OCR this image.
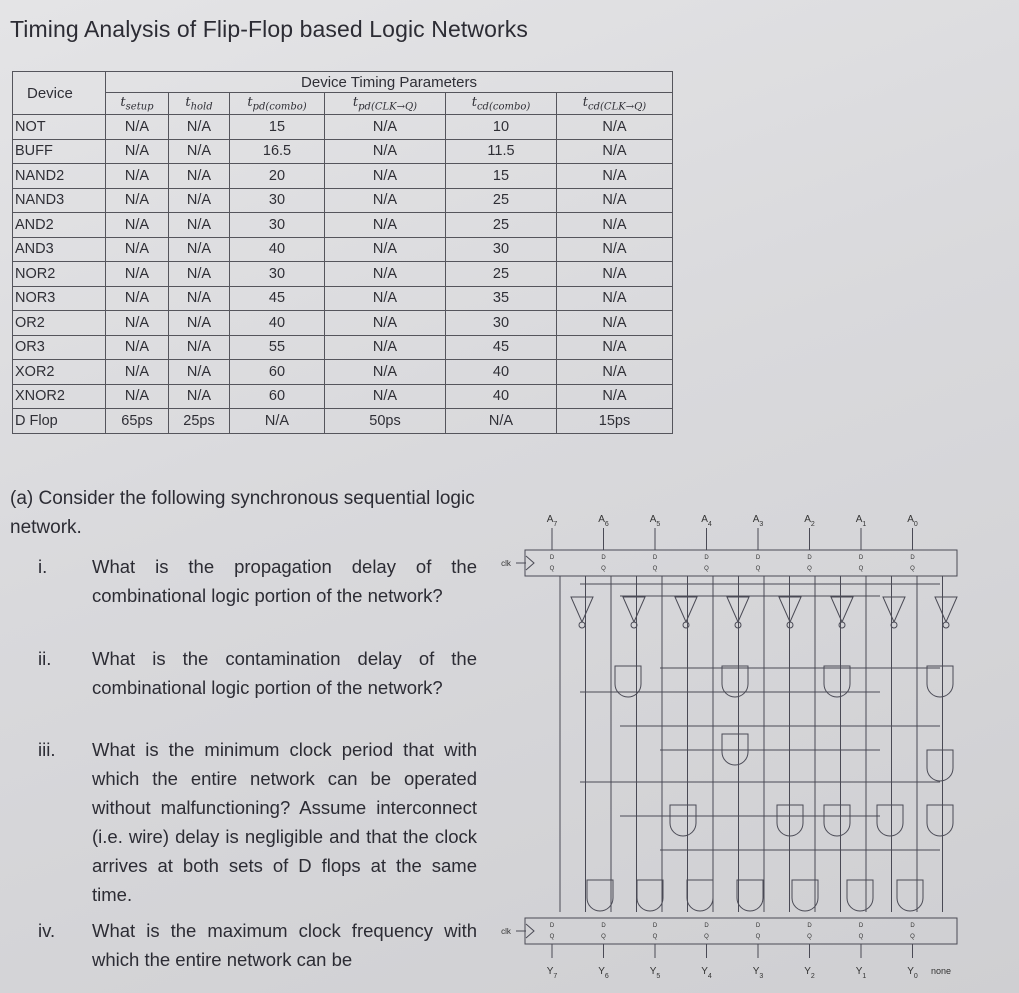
Timing Analysis of Flip-Flop based Logic Networks
Device	Device Timing Parameters					
	$t_{setup}$	$t_{hold}$	$t_{pd(combo)}$	$t_{pd(CLK\to Q)}$	$t_{cd(combo)}$	$t_{cd(CLK\to Q)}$
NOT	N/A	N/A	15	N/A	10	N/A
BUFF	N/A	N/A	16.5	N/A	11.5	N/A
NAND2	N/A	N/A	20	N/A	15	N/A
NAND3	N/A	N/A	30	N/A	25	N/A
AND2	N/A	N/A	30	N/A	25	N/A
AND3	N/A	N/A	40	N/A	30	N/A
NOR2	N/A	N/A	30	N/A	25	N/A
NOR3	N/A	N/A	45	N/A	35	N/A
OR2	N/A	N/A	40	N/A	30	N/A
OR3	N/A	N/A	55	N/A	45	N/A
XOR2	N/A	N/A	60	N/A	40	N/A
XNOR2	N/A	N/A	60	N/A	40	N/A
D Flop	65ps	25ps	N/A	50ps	N/A	15ps
(a) Consider the following synchronous sequential logic network.
i. What is the propagation delay of the combinational logic portion of the network?
ii. What is the contamination delay of the combinational logic portion of the network?
iii. What is the minimum clock period that with which the entire network can be operated without malfunctioning? Assume interconnect (i.e. wire) delay is negligible and that the clock arrives at both sets of D flops at the same time.
iv. What is the maximum clock frequency with which the entire network can be
$A_7$	$A_6$	$A_5$	$A_4$	$A_3$	$A_2$	$A_1$	$A_0$
clk
D
Q
D
Q
D
Q
D
Q
D
Q
D
Q
D
Q
D
Q
clk
D
Q
D
Q
D
Q
D
Q
D
Q
D
Q
D
Q
D
Q
$Y_7$	$Y_6$	$Y_5$	$Y_4$	$Y_3$	$Y_2$	$Y_1$	$Y_0$ none
